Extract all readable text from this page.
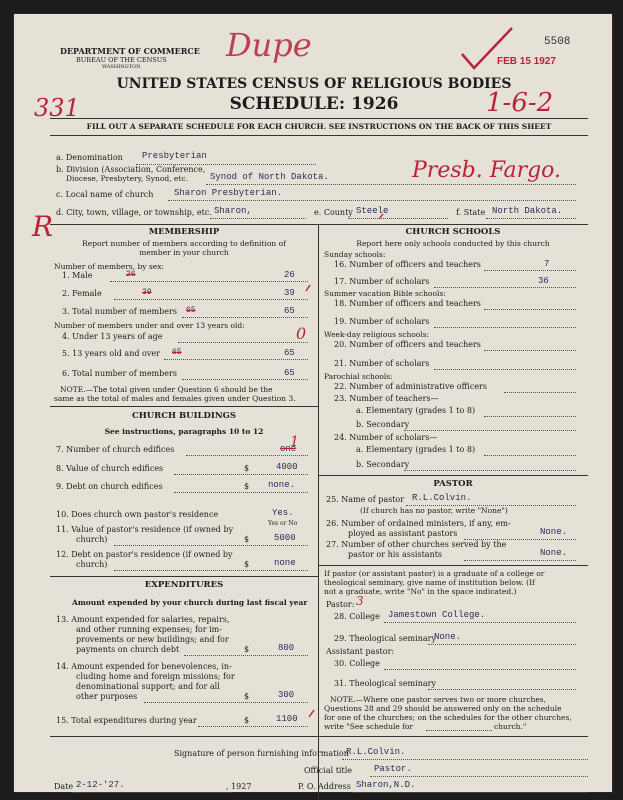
DEPARTMENT OF COMMERCE
BUREAU OF THE CENSUS
WASHINGTON
5508
FEB 15 1927
Dupe
331	1-6-2
R
UNITED STATES CENSUS OF RELIGIOUS BODIES
SCHEDULE: 1926
FILL OUT A SEPARATE SCHEDULE FOR EACH CHURCH. SEE INSTRUCTIONS ON THE BACK OF THIS SHEET
a. Denomination Presbyterian
b. Division (Association, Conference,
Diocese, Presbytery, Synod, etc. Synod of North Dakota.	Presb. Fargo.
c. Local name of church Sharon Presbyterian.
d. City, town, village, or township, etc. Sharon,	e. County Steele	f. State North Dakota.
MEMBERSHIP
Report number of members according to definition of
member in your church
Number of members, by sex:
1. Male	26	26
2. Female	39	39
3. Total number of members 65	65
Number of members under and over 13 years old:
4. Under 13 years of age	0
5. 13 years old and over 65	65
6. Total number of members	65
NOTE.—The total given under Question 6 should be the
same as the total of males and females given under Question 3.
CHURCH BUILDINGS
See instructions, paragraphs 10 to 12
7. Number of church edifices	one
1
8. Value of church edifices	$	4000
9. Debt on church edifices	$ none.
10. Does church own pastor's residence	Yes.
Yes or No
11. Value of pastor's residence (if owned by
church)	$	5000
12. Debt on pastor's residence (if owned by
church)	$	none
EXPENDITURES
Amount expended by your church during last fiscal year
13. Amount expended for salaries, repairs,
and other running expenses; for im-
provements or new buildings; and for
payments on church debt	$	800
14. Amount expended for benevolences, in-
cluding home and foreign missions; for
denominational support; and for all
other purposes	$	300
15. Total expenditures during year	$	1100
CHURCH SCHOOLS
Report here only schools conducted by this church
Sunday schools:
16. Number of officers and teachers	7
17. Number of scholars	36
Summer vacation Bible schools:
18. Number of officers and teachers
19. Number of scholars
Week-day religious schools:
20. Number of officers and teachers
21. Number of scholars
Parochial schools:
22. Number of administrative officers
23. Number of teachers—
a. Elementary (grades 1 to 8)
b. Secondary
24. Number of scholars—
a. Elementary (grades 1 to 8)
b. Secondary
PASTOR
25. Name of pastor R.L.Colvin.
(If church has no pastor, write "None")
26. Number of ordained ministers, if any, em-
ployed as assistant pastors	None.
27. Number of other churches served by the
pastor or his assistants	None.
If pastor (or assistant pastor) is a graduate of a college or
theological seminary, give name of institution below. (If
not a graduate, write "No" in the space indicated.)
Pastor: 3
28. College Jamestown College.
29. Theological seminary
None.
Assistant pastor:
30. College
31. Theological seminary
NOTE.—Where one pastor serves two or more churches,
Questions 28 and 29 should be answered only on the schedule
for one of the churches; on the schedules for the other churches,
write "See schedule for	church."
Signature of person furnishing information
R.L.Colvin.
Official title Pastor.
Date 2-12-'27.	, 1927	P. O. Address Sharon,N.D.
8—5518 a	11—9264
